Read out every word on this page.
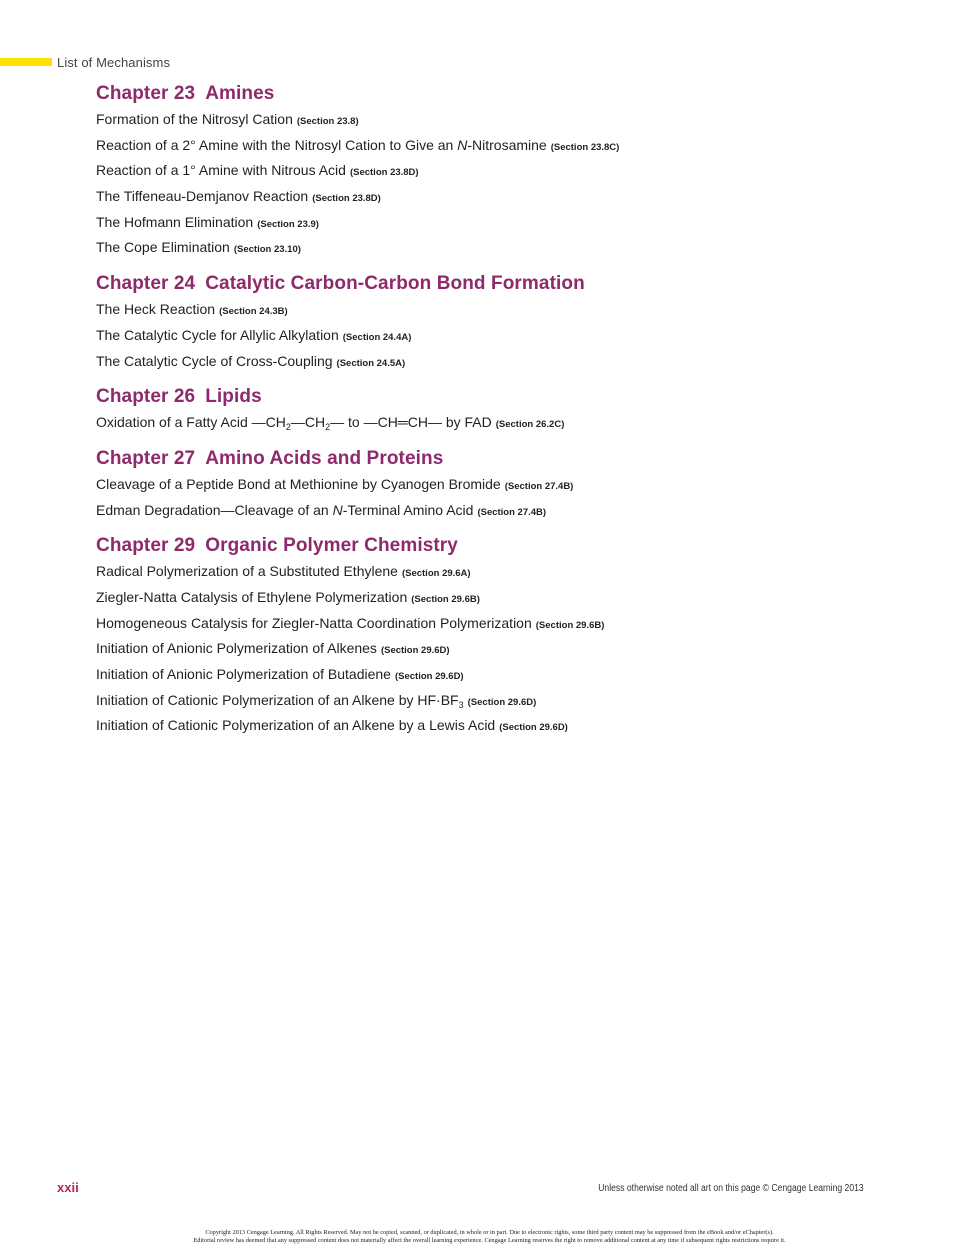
List of Mechanisms
Chapter 23 Amines
Formation of the Nitrosyl Cation (Section 23.8)
Reaction of a 2° Amine with the Nitrosyl Cation to Give an N-Nitrosamine (Section 23.8C)
Reaction of a 1° Amine with Nitrous Acid (Section 23.8D)
The Tiffeneau-Demjanov Reaction (Section 23.8D)
The Hofmann Elimination (Section 23.9)
The Cope Elimination (Section 23.10)
Chapter 24 Catalytic Carbon-Carbon Bond Formation
The Heck Reaction (Section 24.3B)
The Catalytic Cycle for Allylic Alkylation (Section 24.4A)
The Catalytic Cycle of Cross-Coupling (Section 24.5A)
Chapter 26 Lipids
Oxidation of a Fatty Acid $—CH_2—CH_2—$ to —CH═CH— by FAD (Section 26.2C)
Chapter 27 Amino Acids and Proteins
Cleavage of a Peptide Bond at Methionine by Cyanogen Bromide (Section 27.4B)
Edman Degradation—Cleavage of an N-Terminal Amino Acid (Section 27.4B)
Chapter 29 Organic Polymer Chemistry
Radical Polymerization of a Substituted Ethylene (Section 29.6A)
Ziegler-Natta Catalysis of Ethylene Polymerization (Section 29.6B)
Homogeneous Catalysis for Ziegler-Natta Coordination Polymerization (Section 29.6B)
Initiation of Anionic Polymerization of Alkenes (Section 29.6D)
Initiation of Anionic Polymerization of Butadiene (Section 29.6D)
Initiation of Cationic Polymerization of an Alkene by $HF\cdot BF_3$ (Section 29.6D)
Initiation of Cationic Polymerization of an Alkene by a Lewis Acid (Section 29.6D)
xxii	Unless otherwise noted all art on this page © Cengage Learning 2013
Copyright 2013 Cengage Learning. All Rights Reserved. May not be copied, scanned, or duplicated, in whole or in part. Due to electronic rights, some third party content may be suppressed from the eBook and/or eChapter(s).
Editorial review has deemed that any suppressed content does not materially affect the overall learning experience. Cengage Learning reserves the right to remove additional content at any time if subsequent rights restrictions require it.
